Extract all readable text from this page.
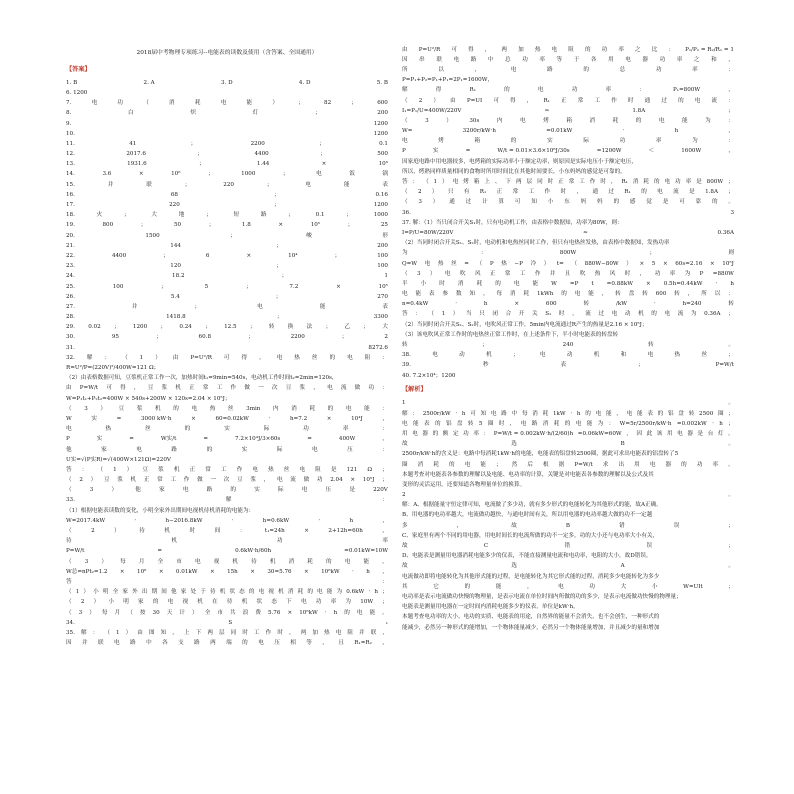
2018届中考物理专项练习--电能表的读数及使用（含答案、全国通用）
【答案】
1. B	2. A	3. D	4. D	5. B
6. 1200
7.	电	功	（	消	耗	电	能	）	；	82	；	600
8.	白	炽	灯	；	200
9.	1200
10.	1200
11.	41	；	2200	；	0.1
12.	2017.6	；	4400	；	500
13.	1931.6	；	1.44	×	10⁶
14.	3.6	×	10⁶	；	1000	；	电	饭	锅
15.	并	联	；	220	；	电	能	表
16.	68	；	0.16
17.	220	；	1200
18.	火	；	大	地	；	短	路	；	0.1	；	1000
19.	800	；	50	；	1.8	×	10⁵	；	25
20.	1500	；	峻	形
21.	144	；	200
22.	4400	；	6	×	10⁴	；	100
23.	120	；	100
24.	18.2	；	1
25.	100	；	5	；	7.2	×	10⁵
26.	5.4	；	270
27.	并	；	电	能	表
28.	1418.8	；	3300
29. 0.02 ； 1200 ； 0.24 ； 12.5 ； 转 换 法 ； 乙 ； 大
30.	95	；	60.8	；	2200	；	2
31.	8272.6
32. 解 ： （ 1 ） 由 P=U²/R 可 得 ， 电 热 丝 的 电 阻 ：
R=U²/P=(220V)²/400W=121 Ω；
（2）由表格数据可知，豆浆机正常工作一次，加热时间t₁=9min=540s，电动机工作时间t₂=2min=120s，
由 P=W/t 可 得 ， 豆 浆 机 正 常 工 作 做 一 次 豆 浆 ， 电 流 做 功 ：
W=P₁t₁+P₂t₂=400W × 540s+200W × 120s=2.04 × 10⁵J；
（ 3 ） 豆 浆 机 的 电 热 丝 3min 内 消 耗 的 电 能 ：
W	实	=	3000 kW·h	×	60=0.02kW	·	h=7.2	×	10⁴J	，
电	热	丝	的	实	际	功	率	：
P	实	=	W实/t	=	7.2×10⁴J/3×60s	=	400W	，
他	家	电	路	的	实	际	电	压	：
U实=√(P实R)=√(400W×121Ω)=220V
答 ： （ 1 ） 豆 浆 机 正 常 工 作 电 热 丝 电 阻 是 121 Ω ；
（ 2 ） 豆 浆 机 正 常 工 作 做 一 次 豆 浆 ， 电 流 做 功 2.04 × 10⁵J ；
（	3	）	他	家	电	路	的	实	际	电	压	是	220V
33.	解	：
（1）根据电能表读数的变化，小明全家外出期间电视机待机消耗的电能为：
W=2017.4kW	·	h−2016.8kW	·	h=0.6kW	·	h	，
（	2	）	待	机	时	间	：	t₁=24h	×	2+12h=60h	，
待	机	功	率
P=W/t	=	0.6kW·h/60h	=0.01kW=10W
（ 3 ） 每 月 全 市 电 视 机 待 机 消 耗 的 电 能 ，
W总=nPt₂=1.2 × 10⁶ × 0.01kW × 15h × 30=5.76 × 10⁶kW · h ，
答	：
（ 1 ） 小 明 全 家 外 出 期 间 他 家 处 于 待 机 状 态 的 电 视 机 消 耗 的 电 能 为 0.6kW · h ；
（ 2 ） 小 明 家 的 电 视 机 在 待 机 状 态 下 电 功 率 为 10W ；
（ 3 ） 每 月 （ 按 30 天 计 ） 全 市 共 浪 费 5.76 × 10⁶kW · h 的 电 能 。
34.	S	₁
35. 解 ： （ 1 ） 由 图 知 ， 上 下 两 层 同 时 工 作 时 ， 两 加 热 电 阻 并 联 ，
因 并 联 电 路 中 各 支 路 两 端 的 电 压 相 等 ， 且 R₁=R₂ ，
由 P=U²/R 可 得 ， 两 加 热 电 阻 的 功 率 之 比 ： P₁/P₂ = R₂/R₁ = 1
因 串 联 电 路 中 总 功 率 等 于 各 用 电 器 功 率 之 和 ，
所	以	，	电	路	的	总	功	率	：
P=P₁+P₂=P₁+P₁=2P₁=1600W，
解	得	R₁	的	电	功	率	：	P₁=800W	，
（ 2 ） 由 P=UI 可 得 ， R₁ 正 常 工 作 时 通 过 的 电 流 ：
I₁=P₁/U=400W/220V	≈	1.8A	；
（	3	）	30s	内	电	烤	箱	消	耗	的	电	能	为	：
W=	3200r/kW·h	=0.01kW	·	h	，
电	烤	箱	的	实	际	功	率	为	：
P	实	=	W/t = 0.01×3.6×10⁶J/30s	=1200W	＜	1600W	，
因家庭电路中用电器较多，电烤箱的实际功率小于额定功率，则原因是实际电压小于额定电压，
所以，烤熟同样质量相同的食物时所用时间比在其他时间要长，小东妈妈的感觉是可靠的。
答 ： （ 1 ） 电 烤 箱 上 、 下 两 层 同 时 正 常 工 作 时 ， R₁ 消 耗 的 电 功 率 是 800W ；
（ 2 ） 只 有 R₁ 正 常 工 作 时 ， 通 过 R₁ 的 电 流 是 1.8A ；
（ 3 ） 通 过 计 算 可 知 小 东 妈 妈 的 感 觉 是 可 靠 的 。
36.	3
37. 解：（1）当只闭合开关S₁时，只有电动机工作，由表格中数据知，功率为80W，则：
I=P/U=80W/220V	≈	0.36A
（2）当同时闭合开关S₁、S₂时，电动机和电热丝同时工作，但只有电热丝发热，由表格中数据知，发热功率
为	：	800W	；	则
Q=W 电 热 丝 = （ P 热 −P 冷 ） t= （ 880W−80W ） × 5 × 60s=2.16 × 10⁵J
（ 3 ） 电 吹 风 正 常 工 作 并 且 吹 热 风 时 ， 功 率 为 P =880W
半 小 时 消 耗 的 电 能 W =P t =0.88kW × 0.5h=0.44kW · h
电 能 表 参 数 知 ， 每 消 耗 1kWh 的 电 能 ， 转 盘 转 600 转 ， 所 以 ：
n=0.4kW	·	h	×	600	转	/kW	·	h=240	转
答 ： （ 1 ） 当 只 闭 合 开 关 S₁ 时 ， 流 过 电 动 机 的 电 流 为 0.36A ；
（2）当同时闭合开关S₁、S₂时，电吹风正常工作，5min内电流通过R产生的热量是2.16 × 10⁵J；
（3）该电吹风正常工作时的电热丝正常工作时，在上述条件下，半小时电能表的转盘转
转	；	240	转	。
38.	电	动	机	；	电	动	机	和	电	热	丝	；
39.	秒	表	；	P=W/t
40. 7.2×10⁴；1200
【解析】
1	。
解 ： 2500r/kW · h 可 知 电 路 中 每 消 耗 1kW · h 的 电 能 ， 电 能 表 的 铝 盘 转 2500 圈 ；
电 能 表 的 铝 盘 转 5 圈 时 ， 电 路 消 耗 的 电 能 为 ： W=5r/2500r/kW·h =0.002kW · h ；
用 电 器 的 额 定 功 率 ： P=W/t = 0.002kW·h/(2/60)h =0.06kW=60W ， 因 此 该 用 电 器 是 台 灯 。
故	选	B	。
2500r/kW·h的含义是：电路中每消耗1kW·h的电能，电能表的铝盘转2500圈，据此可求出电能表的铝盘转了5
圈 消 耗 的 电 能 ； 然 后 根 据 P=W/t 求 出 用 电 器 的 功 率 。
本题考查对电能表各参数的理解以及电能、电功率的计算，关键是对电能表各参数的理解以及公式及其
变形的灵活运用，还要知道各物理量单位的换算。
2	。
解：A、根据能量守恒定律可知，电流做了多少功，就有多少形式的电能转化为其他形式的能，故A正确。
B、用电器的电功率越大，电流做功越快，与通电时间有关，所以用电器的电功率越大做的功不一定越
多	，	故	B	错	误	；
C、家庭里有两个不同的用电器，用电时间长的电流所做的功不一定多，功的大小还与电功率大小有关，
故	C	错	误	；
D、电能表是测量用电器消耗电能多少的仪表，不能直接测量电流和电功率，电阻的大小，故D错误。
故	选	A	。
电流做功即将电能转化为其他形式能的过程，是电能转化为其它形式能的过程，消耗多少电能转化为多少
其	它	的	能	，	电	功	大	小	W=UIt	；
电功率是表示电流做功快慢的物理量，是表示电流在单位时间内所做的功的多少，是表示电流做功快慢的物理量；
电能表是测量用电器在一定时间内消耗电能多少的仪表，单位是kW·h，
本题考查电功率的大小、电功的实质、电能表的用途，自然界的能量不会消失，也不会创生，一种形式的
能减少，必然另一种形式的能增加，一个物体能量减少，必然另一个物体能量增加，并且减少的量和增加
